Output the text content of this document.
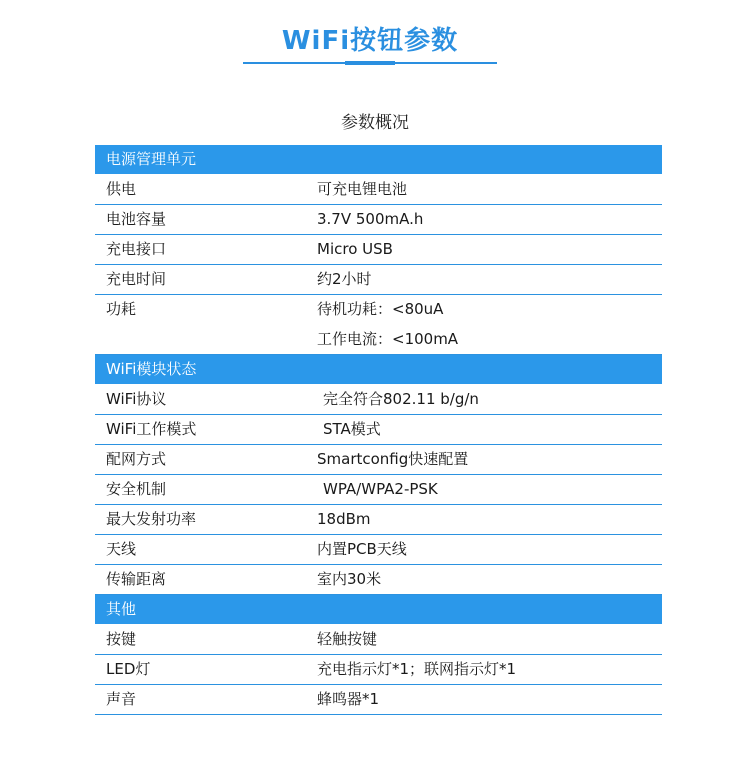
WiFi按钮参数
参数概况
电源管理单元
供电	可充电锂电池
电池容量	3.7V 500mA.h
充电接口	Micro USB
充电时间	约2小时
功耗	待机功耗：<80uA
工作电流：<100mA
WiFi模块状态
WiFi协议	完全符合802.11 b/g/n
WiFi工作模式	STA模式
配网方式	Smartconfig快速配置
安全机制	WPA/WPA2-PSK
最大发射功率	18dBm
天线	内置PCB天线
传输距离	室内30米
其他
按键	轻触按键
LED灯	充电指示灯*1；联网指示灯*1
声音	蜂鸣器*1
